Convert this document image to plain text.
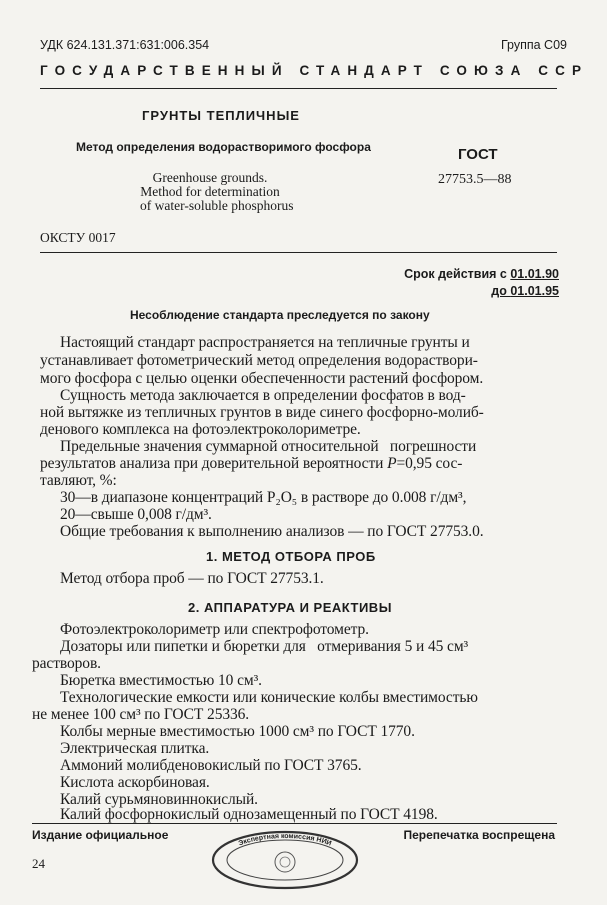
УДК 624.131.371:631:006.354	Группа С09
ГОСУДАРСТВЕННЫЙ СТАНДАРТ СОЮЗА ССР
ГРУНТЫ ТЕПЛИЧНЫЕ
Метод определения водорастворимого фосфора
Greenhouse grounds.
Method for determination
of water-soluble phosphorus
ГОСТ
27753.5—88
ОКСТУ 0017
Срок действия с 01.01.90
до 01.01.95
Несоблюдение стандарта преследуется по закону
Настоящий стандарт распространяется на тепличные грунты и
устанавливает фотометрический метод определения водораствори-
мого фосфора с целью оценки обеспеченности растений фосфором.
Сущность метода заключается в определении фосфатов в вод-
ной вытяжке из тепличных грунтов в виде синего фосфорно-молиб-
денового комплекса на фотоэлектроколориметре.
Предельные значения суммарной относительной   погрешности
результатов анализа при доверительной вероятности P=0,95 сос-
тавляют, %:
30—в диапазоне концентраций P₂O₅ в растворе до 0.008 г/дм³,
20—свыше 0,008 г/дм³.
Общие требования к выполнению анализов — по ГОСТ 27753.0.
1. МЕТОД ОТБОРА ПРОБ
Метод отбора проб — по ГОСТ 27753.1.
2. АППАРАТУРА И РЕАКТИВЫ
Фотоэлектроколориметр или спектрофотометр.
Дозаторы или пипетки и бюретки для   отмеривания 5 и 45 см³
растворов.
Бюретка вместимостью 10 см³.
Технологические емкости или конические колбы вместимостью
не менее 100 см³ по ГОСТ 25336.
Колбы мерные вместимостью 1000 см³ по ГОСТ 1770.
Электрическая плитка.
Аммоний молибденовокислый по ГОСТ 3765.
Кислота аскорбиновая.
Калий сурьмяновиннокислый.
Калий фосфорнокислый однозамещенный по ГОСТ 4198.
Издание официальное	Перепечатка воспрещена
24
Экспертная комиссия НИИ
